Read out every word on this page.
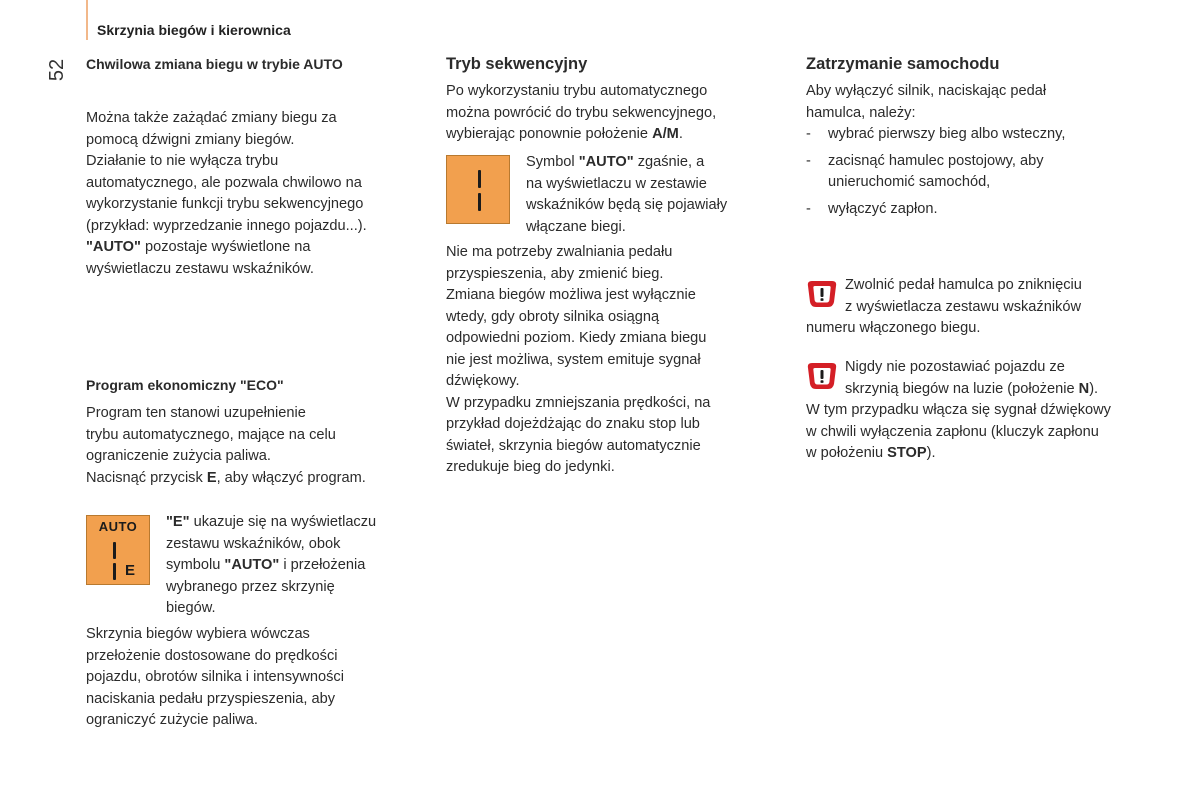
Skrzynia biegów i kierownica
52 Chwilowa zmiana biegu w trybie AUTO

Można także zażądać zmiany biegu za

pomocą dźwigni zmiany biegów.

Działanie to nie wyłącza trybu

automatycznego, ale pozwala chwilowo na

wykorzystanie funkcji trybu sekwencyjnego

(przykład: wyprzedzanie innego pojazdu...).

"AUTO" pozostaje wyświetlone na

wyświetlaczu zestawu wskaźników.

Program ekonomiczny "ECO"

Program ten stanowi uzupełnienie

trybu automatycznego, mające na celu

ograniczenie zużycia paliwa.

Nacisnąć przycisk E, aby włączyć program.

AUTO
E

"E" ukazuje się na wyświetlaczu

zestawu wskaźników, obok

symbolu "AUTO" i przełożenia

wybranego przez skrzynię

biegów.

Skrzynia biegów wybiera wówczas

przełożenie dostosowane do prędkości

pojazdu, obrotów silnika i intensywności

naciskania pedału przyspieszenia, aby

ograniczyć zużycie paliwa.

Tryb sekwencyjny

Po wykorzystaniu trybu automatycznego

można powrócić do trybu sekwencyjnego,

wybierając ponownie położenie A/M.

Symbol "AUTO" zgaśnie, a

na wyświetlaczu w zestawie

wskaźników będą się pojawiały

włączane biegi.

Nie ma potrzeby zwalniania pedału

przyspieszenia, aby zmienić bieg.

Zmiana biegów możliwa jest wyłącznie

wtedy, gdy obroty silnika osiągną

odpowiedni poziom. Kiedy zmiana biegu

nie jest możliwa, system emituje sygnał

dźwiękowy.

W przypadku zmniejszania prędkości, na

przykład dojeżdżając do znaku stop lub

świateł, skrzynia biegów automatycznie

zredukuje bieg do jedynki.

Zatrzymanie samochodu

Aby wyłączyć silnik, naciskając pedał

hamulca, należy:

- wybrać pierwszy bieg albo wsteczny,

- zacisnąć hamulec postojowy, aby

unieruchomić samochód,

- wyłączyć zapłon.

Zwolnić pedał hamulca po zniknięciu

z wyświetlacza zestawu wskaźników

numeru włączonego biegu.

Nigdy nie pozostawiać pojazdu ze

skrzynią biegów na luzie (położenie N).

W tym przypadku włącza się sygnał dźwiękowy

w chwili wyłączenia zapłonu (kluczyk zapłonu

w położeniu STOP).
